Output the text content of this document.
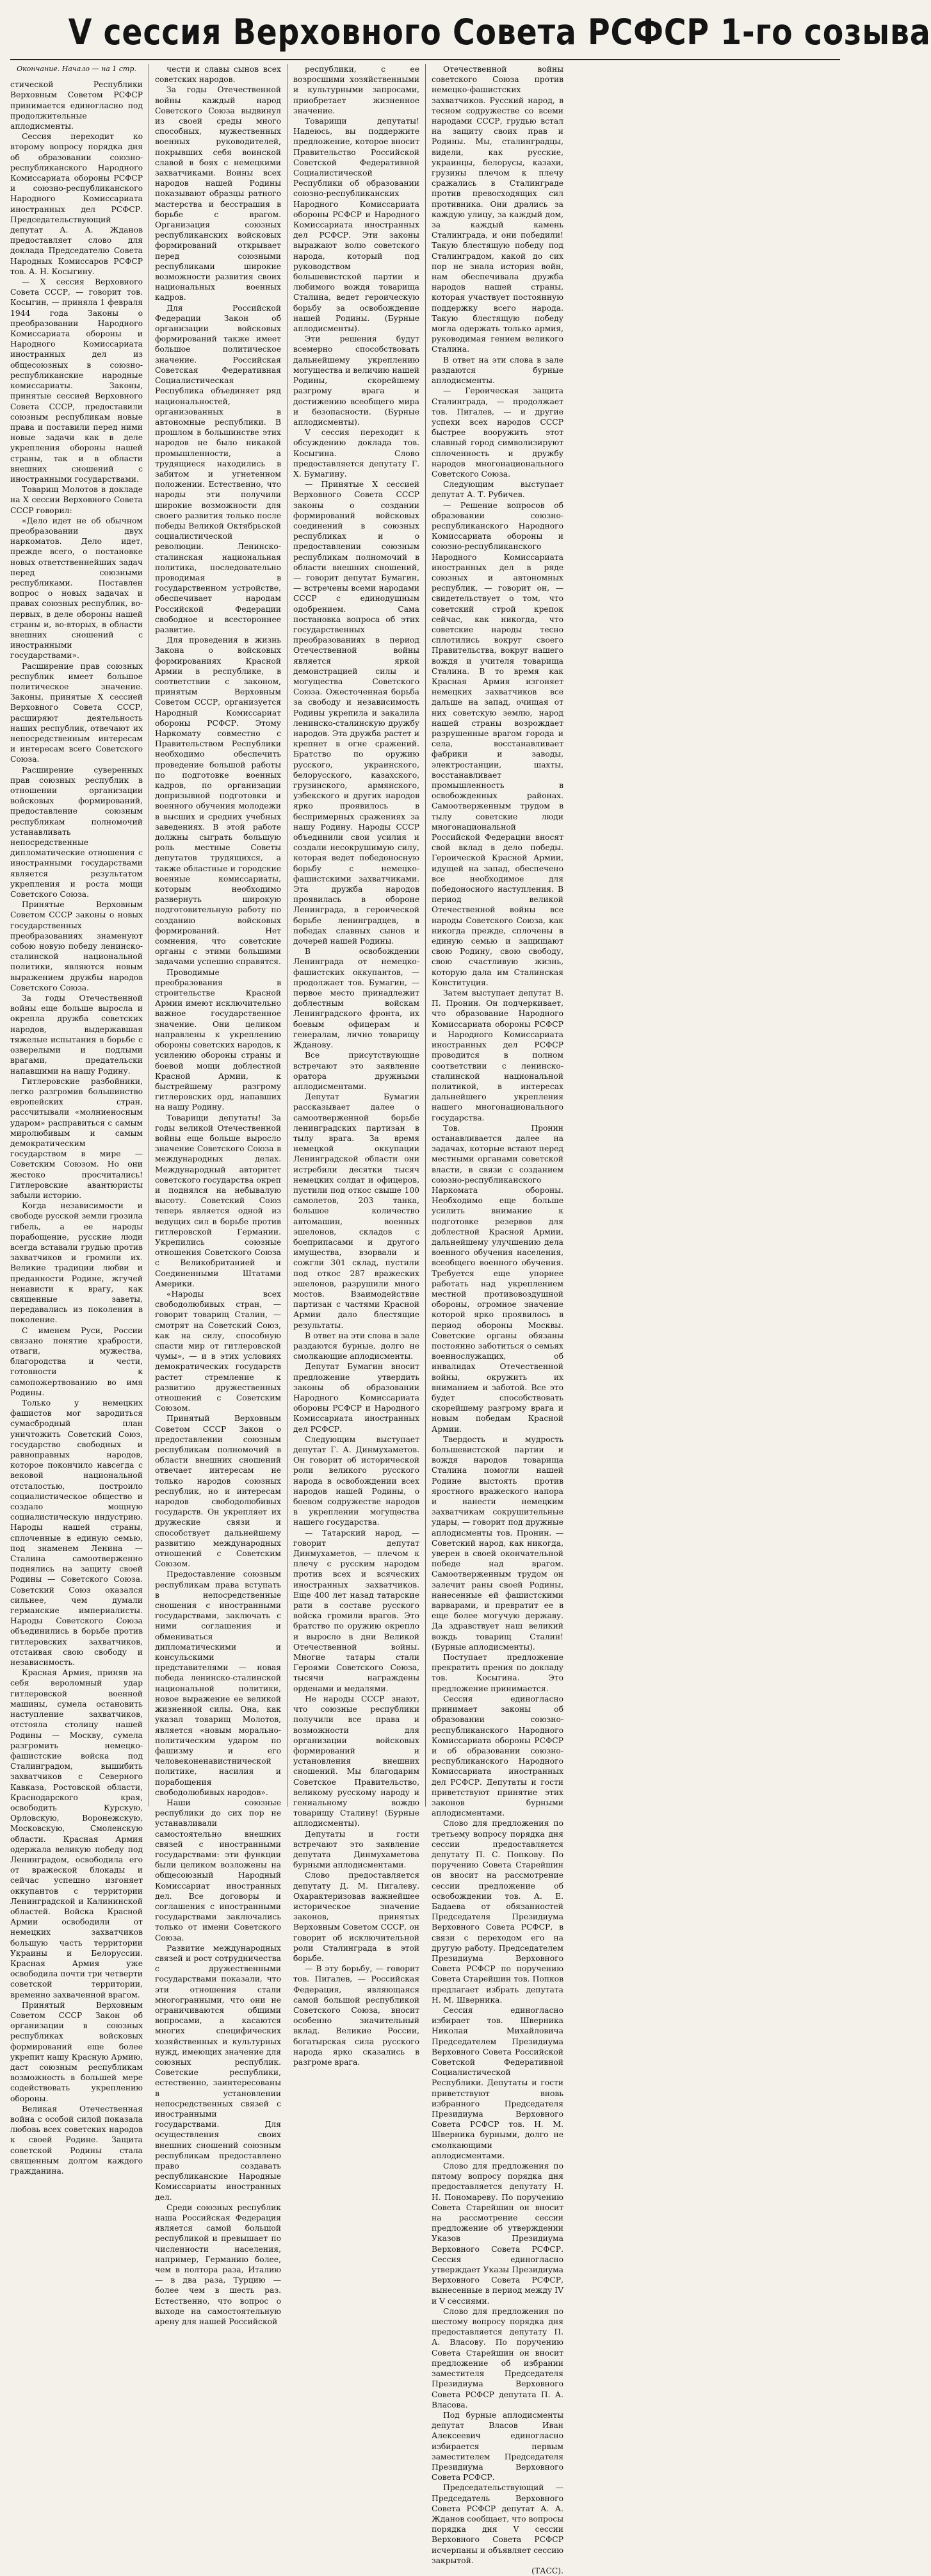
V сессия Верховного Совета РСФСР 1-го созыва
Окончание. Начало — на 1 стр.

стической Республики Верховным Советом РСФСР принимается единогласно под продолжительные аплодисменты.

Сессия переходит ко второму вопросу порядка дня об образовании союзно-республиканского Народного Комиссариата обороны РСФСР и союзно-республиканского Народного Комиссариата иностранных дел РСФСР. Председательствующий депутат А. А. Жданов предоставляет слово для доклада Председателю Совета Народных Комиссаров РСФСР тов. А. Н. Косыгину.

— X сессия Верховного Совета СССР, — говорит тов. Косыгин, — приняла 1 февраля 1944 года Законы о преобразовании Народного Комиссариата обороны и Народного Комиссариата иностранных дел из общесоюзных в союзно-республиканские народные комиссариаты. Законы, принятые сессией Верховного Совета СССР, предоставили союзным республикам новые права и поставили перед ними новые задачи как в деле укрепления обороны нашей страны, так и в области внешних сношений с иностранными государствами.

Товарищ Молотов в докладе на X сессии Верховного Совета СССР говорил:

«Дело идет не об обычном преобразовании двух наркоматов. Дело идет, прежде всего, о постановке новых ответственнейших задач перед союзными республиками. Поставлен вопрос о новых задачах и правах союзных республик, во-первых, в деле обороны нашей страны и, во-вторых, в области внешних сношений с иностранными государствами».

Расширение прав союзных республик имеет большое политическое значение. Законы, принятые X сессией Верховного Совета СССР, расширяют деятельность наших республик, отвечают их непосредственным интересам и интересам всего Советского Союза.

Расширение суверенных прав союзных республик в отношении организации войсковых формирований, предоставление союзным республикам полномочий устанавливать непосредственные дипломатические отношения с иностранными государствами является результатом укрепления и роста мощи Советского Союза.

Принятые Верховным Советом СССР законы о новых государственных преобразованиях знаменуют собою новую победу ленинско-сталинской национальной политики, являются новым выражением дружбы народов Советского Союза.

За годы Отечественной войны еще больше выросла и окрепла дружба советских народов, выдержавшая тяжелые испытания в борьбе с озверелыми и подлыми врагами, предательски напавшими на нашу Родину.

Гитлеровские разбойники, легко разгромив большинство европейских стран, рассчитывали «молниеносным ударом» расправиться с самым миролюбивым и самым демократическим государством в мире — Советским Союзом. Но они жестоко просчитались! Гитлеровские авантюристы забыли историю.

Когда независимости и свободе русской земли грозила гибель, а ее народы порабощение, русские люди всегда вставали грудью против захватчиков и громили их. Великие традиции любви и преданности Родине, жгучей ненависти к врагу, как священные заветы, передавались из поколения в поколение.

С именем Руси, России связано понятие храбрости, отваги, мужества, благородства и чести, готовности к самопожертвованию во имя Родины.

Только у немецких фашистов мог зародиться сумасбродный план уничтожить Советский Союз, государство свободных и равноправных народов, которое покончило навсегда с вековой национальной отсталостью, построило социалистическое общество и создало мощную социалистическую индустрию. Народы нашей страны, сплоченные в единую семью, под знаменем Ленина — Сталина самоотверженно поднялись на защиту своей Родины — Советского Союза. Советский Союз оказался сильнее, чем думали германские империалисты. Народы Советского Союза объединились в борьбе против гитлеровских захватчиков, отстаивая свою свободу и независимость.

Красная Армия, приняв на себя вероломный удар гитлеровской военной машины, сумела остановить наступление захватчиков, отстояла столицу нашей Родины — Москву, сумела разгромить немецко-фашистские войска под Сталинградом, вышибить захватчиков с Северного Кавказа, Ростовской области, Краснодарского края, освободить Курскую, Орловскую, Воронежскую, Московскую, Смоленскую области. Красная Армия одержала великую победу под Ленинградом, освободила его от вражеской блокады и сейчас успешно изгоняет оккупантов с территории Ленинградской и Калининской областей. Войска Красной Армии освободили от немецких захватчиков большую часть территории Украины и Белоруссии. Красная Армия уже освободила почти три четверти советской территории, временно захваченной врагом.

Принятый Верховным Советом СССР Закон об организации в союзных республиках войсковых формирований еще более укрепит нашу Красную Армию, даст союзным республикам возможность в большей мере содействовать укреплению обороны.

Великая Отечественная война с особой силой показала любовь всех советских народов к своей Родине. Защита советской Родины стала священным долгом каждого гражданина.

чести и славы сынов всех советских народов.

За годы Отечественной войны каждый народ Советского Союза выдвинул из своей среды много способных, мужественных военных руководителей, покрывших себя воинской славой в боях с немецкими захватчиками. Воины всех народов нашей Родины показывают образцы ратного мастерства и бесстрашия в борьбе с врагом. Организация союзных республиканских войсковых формирований открывает перед союзными республиками широкие возможности развития своих национальных военных кадров.

Для Российской Федерации Закон об организации войсковых формирований также имеет большое политическое значение. Российская Советская Федеративная Социалистическая Республика объединяет ряд национальностей, организованных в автономные республики. В прошлом в большинстве этих народов не было никакой промышленности, а трудящиеся находились в забитом и угнетенном положении. Естественно, что народы эти получили широкие возможности для своего развития только после победы Великой Октябрьской социалистической революции. Ленинско-сталинская национальная политика, последовательно проводимая в государственном устройстве, обеспечивает народам Российской Федерации свободное и всестороннее развитие.

Для проведения в жизнь Закона о войсковых формированиях Красной Армии в республике, в соответствии с законом, принятым Верховным Советом СССР, организуется Народный Комиссариат обороны РСФСР. Этому Наркомату совместно с Правительством Республики необходимо обеспечить проведение большой работы по подготовке военных кадров, по организации допризывной подготовки и военного обучения молодежи в высших и средних учебных заведениях. В этой работе должны сыграть большую роль местные Советы депутатов трудящихся, а также областные и городские военные комиссариаты, которым необходимо развернуть широкую подготовительную работу по созданию войсковых формирований. Нет сомнения, что советские органы с этими большими задачами успешно справятся.

Проводимые преобразования в строительстве Красной Армии имеют исключительно важное государственное значение. Они целиком направлены к укреплению обороны советских народов, к усилению обороны страны и боевой мощи доблестной Красной Армии, к быстрейшему разгрому гитлеровских орд, напавших на нашу Родину.

Товарищи депутаты! За годы великой Отечественной войны еще больше выросло значение Советского Союза в международных делах. Международный авторитет советского государства окреп и поднялся на небывалую высоту. Советский Союз теперь является одной из ведущих сил в борьбе против гитлеровской Германии. Укрепились союзные отношения Советского Союза с Великобританией и Соединенными Штатами Америки.

«Народы всех свободолюбивых стран, — говорит товарищ Сталин, — смотрят на Советский Союз, как на силу, способную спасти мир от гитлеровской чумы», — и в этих условиях демократических государств растет стремление к развитию дружественных отношений с Советским Союзом.

Принятый Верховным Советом СССР Закон о предоставлении союзным республикам полномочий в области внешних сношений отвечает интересам не только народов союзных республик, но и интересам народов свободолюбивых государств. Он укрепляет их дружеские связи и способствует дальнейшему развитию международных отношений с Советским Союзом.

Предоставление союзным республикам права вступать в непосредственные сношения с иностранными государствами, заключать с ними соглашения и обмениваться дипломатическими и консульскими представителями — новая победа ленинско-сталинской национальной политики, новое выражение ее великой жизненной силы. Она, как указал товарищ Молотов, является «новым морально-политическим ударом по фашизму и его человеконенавистнической политике, насилия и порабощения свободолюбивых народов».

Наши союзные республики до сих пор не устанавливали самостоятельно внешних связей с иностранными государствами: эти функции были целиком возложены на общесоюзный Народный Комиссариат иностранных дел. Все договоры и соглашения с иностранными государствами заключались только от имени Советского Союза.

Развитие международных связей и рост сотрудничества с дружественными государствами показали, что эти отношения стали многогранными, что они не ограничиваются общими вопросами, а касаются многих специфических хозяйственных и культурных нужд, имеющих значение для союзных республик. Советские республики, естественно, заинтересованы в установлении непосредственных связей с иностранными государствами. Для осуществления своих внешних сношений союзным республикам предоставлено право создавать республиканские Народные Комиссариаты иностранных дел.

Среди союзных республик наша Российская Федерация является самой большой республикой и превышает по численности населения, например, Германию более, чем в полтора раза, Италию — в два раза, Турцию — более чем в шесть раз. Естественно, что вопрос о выходе на самостоятельную арену для нашей Российской

республики, с ее возросшими хозяйственными и культурными запросами, приобретает жизненное значение.

Товарищи депутаты! Надеюсь, вы поддержите предложение, которое вносит Правительство Российской Советской Федеративной Социалистической Республики об образовании союзно-республиканских Народного Комиссариата обороны РСФСР и Народного Комиссариата иностранных дел РСФСР. Эти законы выражают волю советского народа, который под руководством большевистской партии и любимого вождя товарища Сталина, ведет героическую борьбу за освобождение нашей Родины. (Бурные аплодисменты).

Эти решения будут всемерно способствовать дальнейшему укреплению могущества и величию нашей Родины, скорейшему разгрому врага и достижению всеобщего мира и безопасности. (Бурные аплодисменты).

V сессия переходит к обсуждению доклада тов. Косыгина. Слово предоставляется депутату Г. Х. Бумагину.

— Принятые X сессией Верховного Совета СССР законы о создании формирований войсковых соединений в союзных республиках и о предоставлении союзным республикам полномочий в области внешних сношений, — говорит депутат Бумагин, — встречены всеми народами СССР с единодушным одобрением. Сама постановка вопроса об этих государственных преобразованиях в период Отечественной войны является яркой демонстрацией силы и могущества Советского Союза. Ожесточенная борьба за свободу и независимость Родины укрепила и закалила ленинско-сталинскую дружбу народов. Эта дружба растет и крепнет в огне сражений. Братство по оружию русского, украинского, белорусского, казахского, грузинского, армянского, узбекского и других народов ярко проявилось в беспримерных сражениях за нашу Родину. Народы СССР объединили свои усилия и создали несокрушимую силу, которая ведет победоносную борьбу с немецко-фашистскими захватчиками. Эта дружба народов проявилась в обороне Ленинграда, в героической борьбе ленинградцев, в победах славных сынов и дочерей нашей Родины.

В освобождении Ленинграда от немецко-фашистских оккупантов, — продолжает тов. Бумагин, — первое место принадлежит доблестным войскам Ленинградского фронта, их боевым офицерам и генералам, лично товарищу Жданову.

Все присутствующие встречают это заявление оратора дружными аплодисментами.

Депутат Бумагин рассказывает далее о самоотверженной борьбе ленинградских партизан в тылу врага. За время немецкой оккупации Ленинградской области они истребили десятки тысяч немецких солдат и офицеров, пустили под откос свыше 100 самолетов, 203 танка, большое количество автомашин, военных эшелонов, складов с боеприпасами и другого имущества, взорвали и сожгли 301 склад, пустили под откос 287 вражеских эшелонов, разрушили много мостов. Взаимодействие партизан с частями Красной Армии дало блестящие результаты.

В ответ на эти слова в зале раздаются бурные, долго не смолкающие аплодисменты.

Депутат Бумагин вносит предложение утвердить законы об образовании Народного Комиссариата обороны РСФСР и Народного Комиссариата иностранных дел РСФСР.

Следующим выступает депутат Г. А. Динмухаметов. Он говорит об исторической роли великого русского народа в освобождении всех народов нашей Родины, о боевом содружестве народов в укреплении могущества нашего государства.

— Татарский народ, — говорит депутат Динмухаметов, — плечом к плечу с русским народом против всех и всяческих иностранных захватчиков. Еще 400 лет назад татарские рати в составе русского войска громили врагов. Это братство по оружию окрепло и выросло в дни Великой Отечественной войны. Многие татары стали Героями Советского Союза, тысячи награждены орденами и медалями.

Не народы СССР знают, что союзные республики получили все права и возможности для организации войсковых формирований и установления внешних сношений. Мы благодарим Советское Правительство, великому русскому народу и гениальному вождю товарищу Сталину! (Бурные аплодисменты).

Депутаты и гости встречают это заявление депутата Динмухаметова бурными аплодисментами.

Слово предоставляется депутату Д. М. Пигалеву. Охарактеризовав важнейшее историческое значение законов, принятых Верховным Советом СССР, он говорит об исключительной роли Сталинграда в этой борьбе.

— В эту борьбу, — говорит тов. Пигалев, — Российская Федерация, являющаяся самой большой республикой Советского Союза, вносит особенно значительный вклад. Великие России, богатырская сила русского народа ярко сказались в разгроме врага.

Отечественной войны советского Союза против немецко-фашистских захватчиков. Русский народ, в тесном содружестве со всеми народами СССР, грудью встал на защиту своих прав и Родины. Мы, сталинградцы, видели, как русские, украинцы, белорусы, казахи, грузины плечом к плечу сражались в Сталинграде против превосходящих сил противника. Они дрались за каждую улицу, за каждый дом, за каждый камень Сталинграда, и они победили! Такую блестящую победу под Сталинградом, какой до сих пор не знала история войн, нам обеспечивала дружба народов нашей страны, которая участвует постоянную поддержку всего народа. Такую блестящую победу могла одержать только армия, руководимая гением великого Сталина.

В ответ на эти слова в зале раздаются бурные аплодисменты.

— Героическая защита Сталинграда, — продолжает тов. Пигалев, — и другие успехи всех народов СССР быстрее вооружить этот славный город символизируют сплоченность и дружбу народов многонационального Советского Союза.

Следующим выступает депутат А. Т. Рубичев.

— Решение вопросов об образовании союзно-республиканского Народного Комиссариата обороны и союзно-республиканского Народного Комиссариата иностранных дел в ряде союзных и автономных республик, — говорит он, — свидетельствует о том, что советский строй крепок сейчас, как никогда, что советские народы тесно сплотились вокруг своего Правительства, вокруг нашего вождя и учителя товарища Сталина. В то время как Красная Армия изгоняет немецких захватчиков все дальше на запад, очищая от них советскую землю, народ нашей страны возрождает разрушенные врагом города и села, восстанавливает фабрики и заводы, электростанции, шахты, восстанавливает промышленность в освобожденных районах. Самоотверженным трудом в тылу советские люди многонациональной Российской Федерации вносят свой вклад в дело победы. Героической Красной Армии, идущей на запад, обеспечено все необходимое для победоносного наступления. В период великой Отечественной войны все народы Советского Союза, как никогда прежде, сплочены в единую семью и защищают свою Родину, свою свободу, свою счастливую жизнь, которую дала им Сталинская Конституция.

Затем выступает депутат В. П. Пронин. Он подчеркивает, что образование Народного Комиссариата обороны РСФСР и Народного Комиссариата иностранных дел РСФСР проводится в полном соответствии с ленинско-сталинской национальной политикой, в интересах дальнейшего укрепления нашего многонационального государства.

Тов. Пронин останавливается далее на задачах, которые встают перед местными органами советской власти, в связи с созданием союзно-республиканского Наркомата обороны. Необходимо еще больше усилить внимание к подготовке резервов для доблестной Красной Армии, дальнейшему улучшению дела военного обучения населения, всеобщего военного обучения. Требуется еще упорнее работать над укреплением местной противовоздушной обороны, огромное значение которой ярко проявилось в период обороны Москвы. Советские органы обязаны постоянно заботиться о семьях военнослужащих, об инвалидах Отечественной войны, окружить их вниманием и заботой. Все это будет способствовать скорейшему разгрому врага и новым победам Красной Армии.

Твердость и мудрость большевистской партии и вождя народов товарища Сталина помогли нашей Родине выстоять против яростного вражеского напора и нанести немецким захватчикам сокрушительные удары, — говорит под дружные аплодисменты тов. Пронин. — Советский народ, как никогда, уверен в своей окончательной победе над врагом. Самоотверженным трудом он залечит раны своей Родины, нанесенные ей фашистскими варварами, и превратит ее в еще более могучую державу. Да здравствует наш великий вождь товарищ Сталин! (Бурные аплодисменты).

Поступает предложение прекратить прения по докладу тов. Косыгина. Это предложение принимается.

Сессия единогласно принимает законы об образовании союзно-республиканского Народного Комиссариата обороны РСФСР и об образовании союзно-республиканского Народного Комиссариата иностранных дел РСФСР. Депутаты и гости приветствуют принятие этих законов бурными аплодисментами.

Слово для предложения по третьему вопросу порядка дня сессии предоставляется депутату П. С. Попкову. По поручению Совета Старейшин он вносит на рассмотрение сессии предложение об освобождении тов. А. Е. Бадаева от обязанностей Председателя Президиума Верховного Совета РСФСР, в связи с переходом его на другую работу. Председателем Президиума Верховного Совета РСФСР по поручению Совета Старейшин тов. Попков предлагает избрать депутата Н. М. Шверника.

Сессия единогласно избирает тов. Шверника Николая Михайловича Председателем Президиума Верховного Совета Российской Советской Федеративной Социалистической Республики. Депутаты и гости приветствуют вновь избранного Председателя Президиума Верховного Совета РСФСР тов. Н. М. Шверника бурными, долго не смолкающими аплодисментами.

Слово для предложения по пятому вопросу порядка дня предоставляется депутату Н. Н. Пономареву. По поручению Совета Старейшин он вносит на рассмотрение сессии предложение об утверждении Указов Президиума Верховного Совета РСФСР. Сессия единогласно утверждает Указы Президиума Верховного Совета РСФСР, вынесенные в период между IV и V сессиями.

Слово для предложения по шестому вопросу порядка дня предоставляется депутату П. А. Власову. По поручению Совета Старейшин он вносит предложение об избрании заместителя Председателя Президиума Верховного Совета РСФСР депутата П. А. Власова.

Под бурные аплодисменты депутат Власов Иван Алексеевич единогласно избирается первым заместителем Председателя Президиума Верховного Совета РСФСР.

Председательствующий — Председатель Верховного Совета РСФСР депутат А. А. Жданов сообщает, что вопросы порядка дня V сессии Верховного Совета РСФСР исчерпаны и объявляет сессию закрытой.

(ТАСС).
